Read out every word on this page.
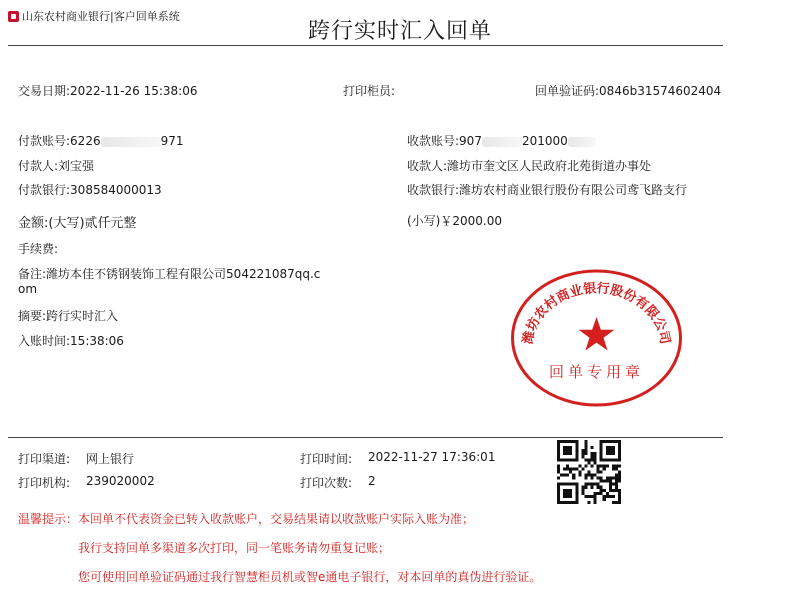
山东农村商业银行|客户回单系统
跨行实时汇入回单
交易日期:2022-11-26 15:38:06	打印柜员:	回单验证码:0846b31574602404
付款账号:6226	971
付款人:刘宝强
付款银行:308584000013
收款账号:907	201000
收款人:潍坊市奎文区人民政府北苑街道办事处
收款银行:潍坊农村商业银行股份有限公司鸢飞路支行
金额:(大写)贰仟元整	(小写)￥2000.00
手续费:
备注:潍坊本佳不锈钢装饰工程有限公司504221087qq.c
om
摘要:跨行实时汇入
入账时间:15:38:06	潍坊农村商业银行股份有限公司
回单专用章
打印渠道: 网上银行	打印时间: 2022-11-27 17:36:01
打印机构: 239020002	打印次数: 2
温馨提示：本回单不代表资金已转入收款账户，交易结果请以收款账户实际入账为准；
我行支持回单多渠道多次打印，同一笔账务请勿重复记账；
您可使用回单验证码通过我行智慧柜员机或智e通电子银行，对本回单的真伪进行验证。
